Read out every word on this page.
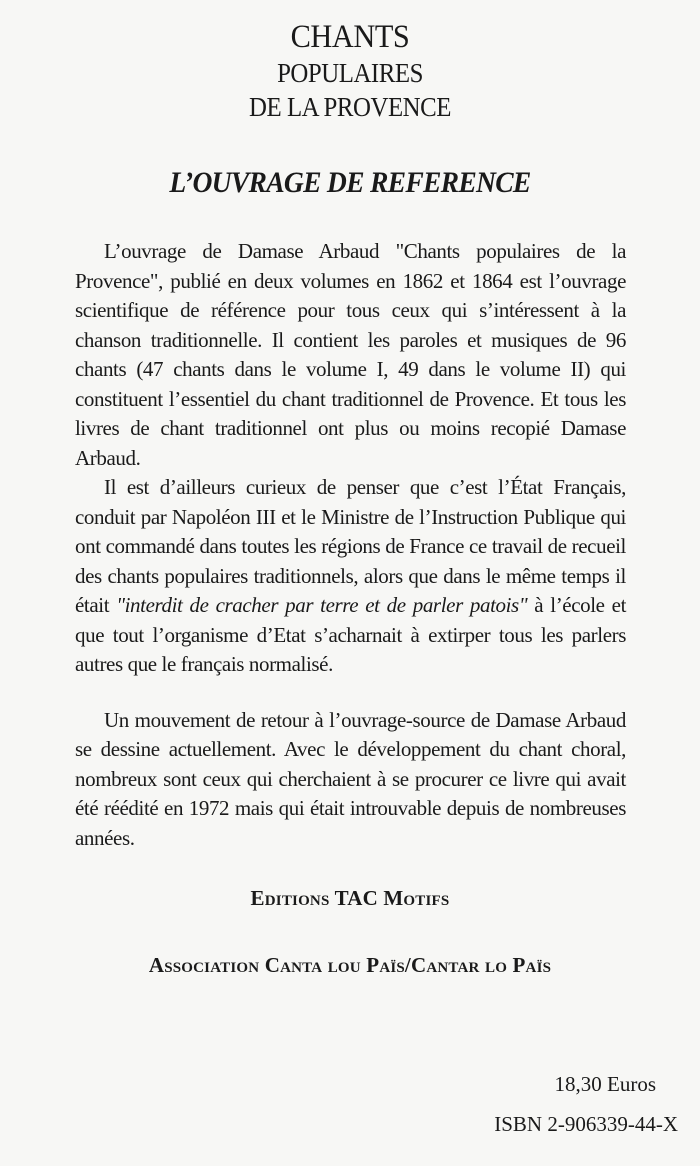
CHANTS
POPULAIRES
DE LA PROVENCE
L’OUVRAGE DE REFERENCE

L’ouvrage de Damase Arbaud "Chants populaires de la Provence", publié en deux volumes en 1862 et 1864 est l’ouvrage scientifique de référence pour tous ceux qui s’intéressent à la chanson traditionnelle. Il contient les paroles et musiques de 96 chants (47 chants dans le volume I, 49 dans le volume II) qui constituent l’essentiel du chant traditionnel de Provence. Et tous les livres de chant traditionnel ont plus ou moins recopié Damase Arbaud.

Il est d’ailleurs curieux de penser que c’est l’État Français, conduit par Napoléon III et le Ministre de l’Instruction Publique qui ont commandé dans toutes les régions de France ce travail de recueil des chants populaires traditionnels, alors que dans le même temps il était "interdit de cracher par terre et de parler patois" à l’école et que tout l’organisme d’Etat s’acharnait à extirper tous les parlers autres que le français normalisé.

Un mouvement de retour à l’ouvrage-source de Damase Arbaud se dessine actuellement. Avec le développement du chant choral, nombreux sont ceux qui cherchaient à se procurer ce livre qui avait été réédité en 1972 mais qui était introuvable depuis de nombreuses années.

Editions TAC Motifs
Association Canta lou Païs/Cantar lo Païs
18,30 Euros
ISBN 2-906339-44-X
